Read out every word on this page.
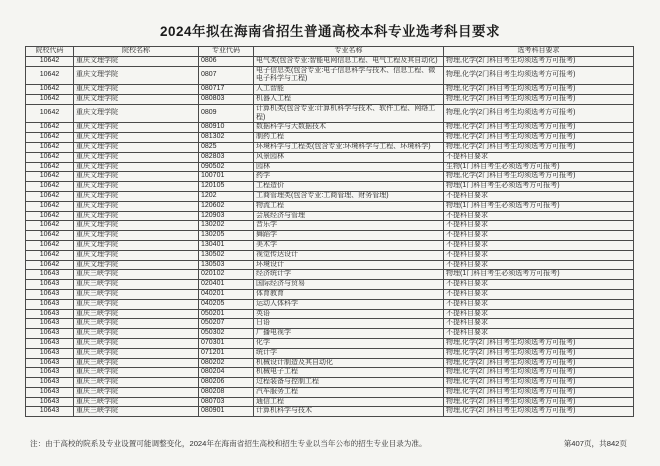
2024年拟在海南省招生普通高校本科专业选考科目要求
院校代码	院校名称	专业代码	专业名称	选考科目要求
10642	重庆文理学院	0806	电气类(包含专业:智能电网信息工程、电气工程及其自动化)	物理,化学(2门科目考生均须选考方可报考)
10642	重庆文理学院	0807	电子信息类(包含专业:电子信息科学与技术、信息工程、微电子科学与工程)	物理,化学(2门科目考生均须选考方可报考)
10642	重庆文理学院	080717	人工智能	物理,化学(2门科目考生均须选考方可报考)
10642	重庆文理学院	080803	机器人工程	物理,化学(2门科目考生均须选考方可报考)
10642	重庆文理学院	0809	计算机类(包含专业:计算机科学与技术、软件工程、网络工程)	物理,化学(2门科目考生均须选考方可报考)
10642	重庆文理学院	080910	数据科学与大数据技术	物理,化学(2门科目考生均须选考方可报考)
10642	重庆文理学院	081302	制药工程	物理,化学(2门科目考生均须选考方可报考)
10642	重庆文理学院	0825	环境科学与工程类(包含专业:环境科学与工程、环境科学)	物理,化学(2门科目考生均须选考方可报考)
10642	重庆文理学院	082803	风景园林	不提科目要求
10642	重庆文理学院	090502	园林	生物(1门科目考生必须选考方可报考)
10642	重庆文理学院	100701	药学	物理,化学(2门科目考生均须选考方可报考)
10642	重庆文理学院	120105	工程造价	物理(1门科目考生必须选考方可报考)
10642	重庆文理学院	1202	工商管理类(包含专业:工商管理、财务管理)	不提科目要求
10642	重庆文理学院	120602	物流工程	物理(1门科目考生必须选考方可报考)
10642	重庆文理学院	120903	会展经济与管理	不提科目要求
10642	重庆文理学院	130202	音乐学	不提科目要求
10642	重庆文理学院	130205	舞蹈学	不提科目要求
10642	重庆文理学院	130401	美术学	不提科目要求
10642	重庆文理学院	130502	视觉传达设计	不提科目要求
10642	重庆文理学院	130503	环境设计	不提科目要求
10643	重庆三峡学院	020102	经济统计学	物理(1门科目考生必须选考方可报考)
10643	重庆三峡学院	020401	国际经济与贸易	不提科目要求
10643	重庆三峡学院	040201	体育教育	不提科目要求
10643	重庆三峡学院	040205	运动人体科学	不提科目要求
10643	重庆三峡学院	050201	英语	不提科目要求
10643	重庆三峡学院	050207	日语	不提科目要求
10643	重庆三峡学院	050302	广播电视学	不提科目要求
10643	重庆三峡学院	070301	化学	物理,化学(2门科目考生均须选考方可报考)
10643	重庆三峡学院	071201	统计学	物理,化学(2门科目考生均须选考方可报考)
10643	重庆三峡学院	080202	机械设计制造及其自动化	物理,化学(2门科目考生均须选考方可报考)
10643	重庆三峡学院	080204	机械电子工程	物理,化学(2门科目考生均须选考方可报考)
10643	重庆三峡学院	080206	过程装备与控制工程	物理,化学(2门科目考生均须选考方可报考)
10643	重庆三峡学院	080208	汽车服务工程	物理,化学(2门科目考生均须选考方可报考)
10643	重庆三峡学院	080703	通信工程	物理,化学(2门科目考生均须选考方可报考)
10643	重庆三峡学院	080901	计算机科学与技术	物理,化学(2门科目考生均须选考方可报考)
注：由于高校的院系及专业设置可能调整变化，2024年在海南省招生高校和招生专业以当年公布的招生专业目录为准。	第407页，共842页
